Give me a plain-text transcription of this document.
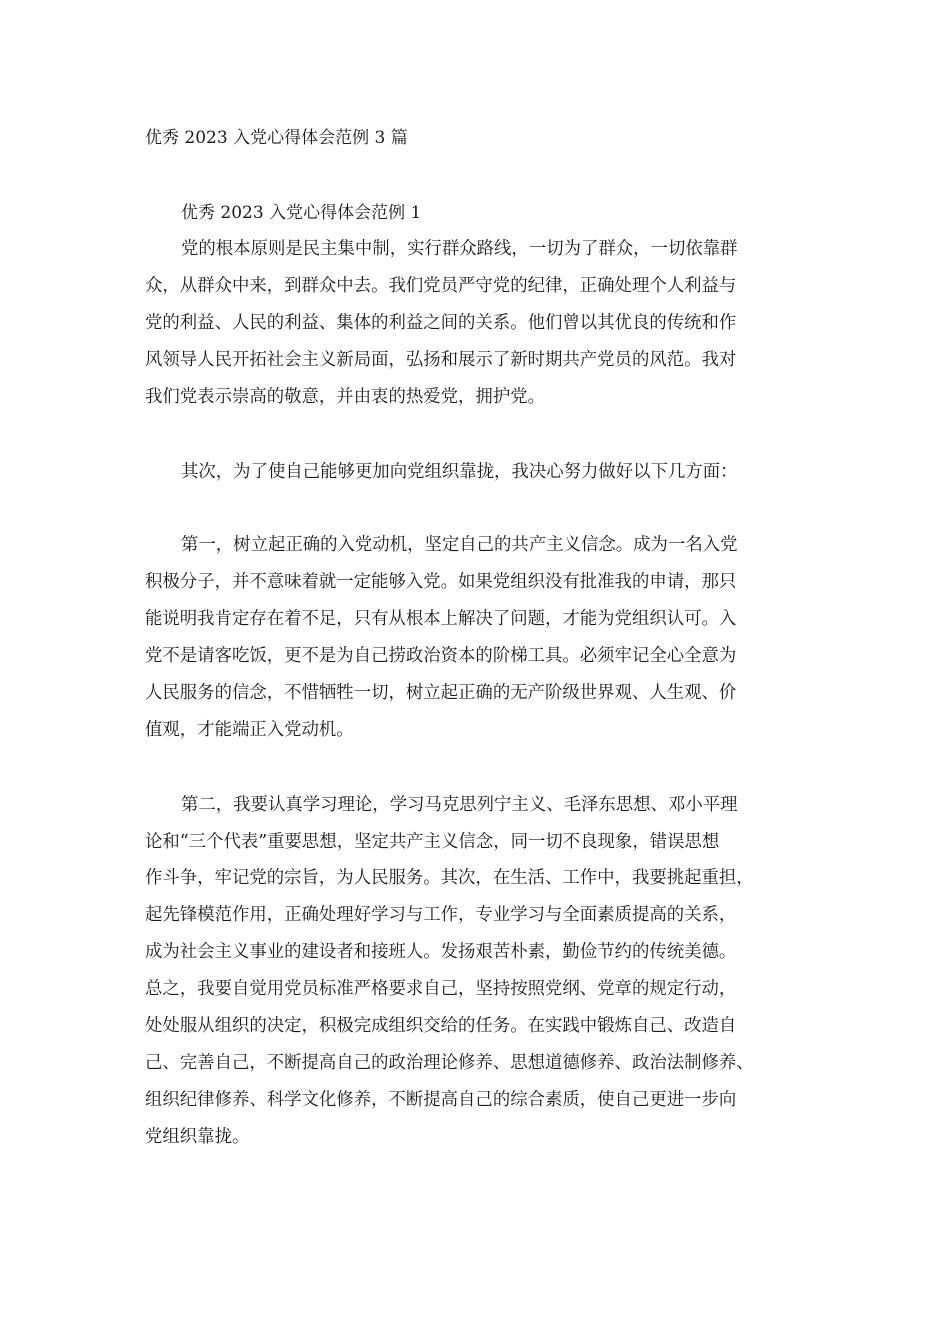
优秀 2023 入党心得体会范例 3 篇
优秀 2023 入党心得体会范例 1
党的根本原则是民主集中制，实行群众路线，一切为了群众，一切依靠群
众，从群众中来，到群众中去。我们党员严守党的纪律，正确处理个人利益与
党的利益、人民的利益、集体的利益之间的关系。他们曾以其优良的传统和作
风领导人民开拓社会主义新局面，弘扬和展示了新时期共产党员的风范。我对
我们党表示崇高的敬意，并由衷的热爱党，拥护党。
其次，为了使自己能够更加向党组织靠拢，我决心努力做好以下几方面：
第一，树立起正确的入党动机，坚定自己的共产主义信念。成为一名入党
积极分子，并不意味着就一定能够入党。如果党组织没有批准我的申请，那只
能说明我肯定存在着不足，只有从根本上解决了问题，才能为党组织认可。入
党不是请客吃饭，更不是为自己捞政治资本的阶梯工具。必须牢记全心全意为
人民服务的信念，不惜牺牲一切，树立起正确的无产阶级世界观、人生观、价
值观，才能端正入党动机。
第二，我要认真学习理论，学习马克思列宁主义、毛泽东思想、邓小平理
论和“三个代表”重要思想，坚定共产主义信念，同一切不良现象，错误思想
作斗争，牢记党的宗旨，为人民服务。其次，在生活、工作中，我要挑起重担，
起先锋模范作用，正确处理好学习与工作，专业学习与全面素质提高的关系，
成为社会主义事业的建设者和接班人。发扬艰苦朴素，勤俭节约的传统美德。
总之，我要自觉用党员标准严格要求自己，坚持按照党纲、党章的规定行动，
处处服从组织的决定，积极完成组织交给的任务。在实践中锻炼自己、改造自
己、完善自己，不断提高自己的政治理论修养、思想道德修养、政治法制修养、
组织纪律修养、科学文化修养，不断提高自己的综合素质，使自己更进一步向
党组织靠拢。
